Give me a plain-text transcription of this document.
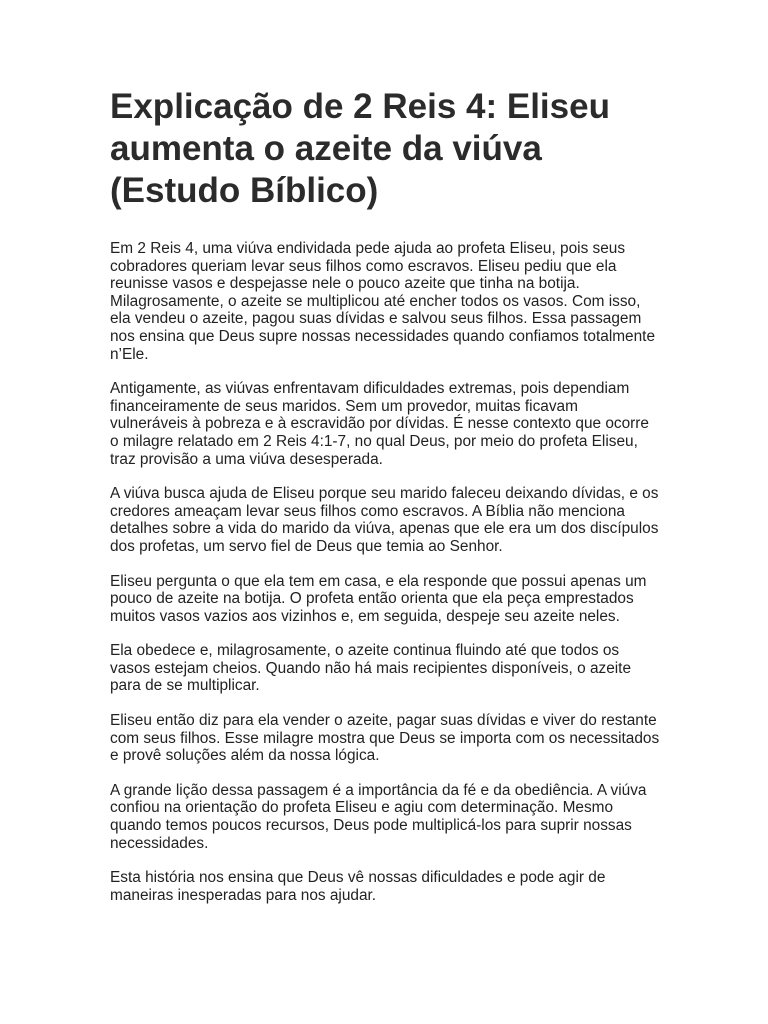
Explicação de 2 Reis 4: Eliseu aumenta o azeite da viúva (Estudo Bíblico)

Em 2 Reis 4, uma viúva endividada pede ajuda ao profeta Eliseu, pois seus cobradores queriam levar seus filhos como escravos. Eliseu pediu que ela reunisse vasos e despejasse nele o pouco azeite que tinha na botija. Milagrosamente, o azeite se multiplicou até encher todos os vasos. Com isso, ela vendeu o azeite, pagou suas dívidas e salvou seus filhos. Essa passagem nos ensina que Deus supre nossas necessidades quando confiamos totalmente n’Ele.

Antigamente, as viúvas enfrentavam dificuldades extremas, pois dependiam financeiramente de seus maridos. Sem um provedor, muitas ficavam vulneráveis à pobreza e à escravidão por dívidas. É nesse contexto que ocorre o milagre relatado em 2 Reis 4:1-7, no qual Deus, por meio do profeta Eliseu, traz provisão a uma viúva desesperada.

A viúva busca ajuda de Eliseu porque seu marido faleceu deixando dívidas, e os credores ameaçam levar seus filhos como escravos. A Bíblia não menciona detalhes sobre a vida do marido da viúva, apenas que ele era um dos discípulos dos profetas, um servo fiel de Deus que temia ao Senhor.

Eliseu pergunta o que ela tem em casa, e ela responde que possui apenas um pouco de azeite na botija. O profeta então orienta que ela peça emprestados muitos vasos vazios aos vizinhos e, em seguida, despeje seu azeite neles.

Ela obedece e, milagrosamente, o azeite continua fluindo até que todos os vasos estejam cheios. Quando não há mais recipientes disponíveis, o azeite para de se multiplicar.

Eliseu então diz para ela vender o azeite, pagar suas dívidas e viver do restante com seus filhos. Esse milagre mostra que Deus se importa com os necessitados e provê soluções além da nossa lógica.

A grande lição dessa passagem é a importância da fé e da obediência. A viúva confiou na orientação do profeta Eliseu e agiu com determinação. Mesmo quando temos poucos recursos, Deus pode multiplicá-los para suprir nossas necessidades.

Esta história nos ensina que Deus vê nossas dificuldades e pode agir de maneiras inesperadas para nos ajudar.
